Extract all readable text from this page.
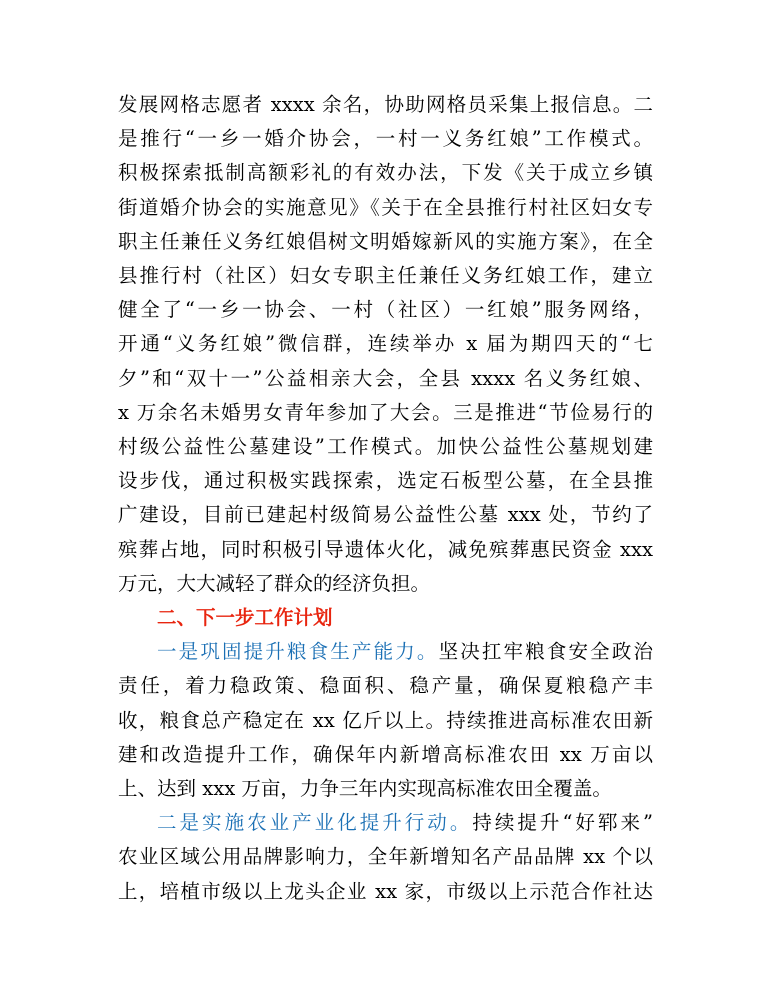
发展网格志愿者 xxxx 余名，协助网格员采集上报信息。二
是推行“一乡一婚介协会，一村一义务红娘”工作模式。
积极探索抵制高额彩礼的有效办法，下发《关于成立乡镇
街道婚介协会的实施意见》《关于在全县推行村社区妇女专
职主任兼任义务红娘倡树文明婚嫁新风的实施方案》，在全
县推行村（社区）妇女专职主任兼任义务红娘工作，建立
健全了“一乡一协会、一村（社区）一红娘”服务网络，
开通“义务红娘”微信群，连续举办 x 届为期四天的“七
夕”和“双十一”公益相亲大会，全县 xxxx 名义务红娘、
x 万余名未婚男女青年参加了大会。三是推进“节俭易行的
村级公益性公墓建设”工作模式。加快公益性公墓规划建
设步伐，通过积极实践探索，选定石板型公墓，在全县推
广建设，目前已建起村级简易公益性公墓 xxx 处，节约了
殡葬占地，同时积极引导遗体火化，减免殡葬惠民资金 xxx
万元，大大减轻了群众的经济负担。

二、下一步工作计划

一是巩固提升粮食生产能力。坚决扛牢粮食安全政治
责任，着力稳政策、稳面积、稳产量，确保夏粮稳产丰
收，粮食总产稳定在 xx 亿斤以上。持续推进高标准农田新
建和改造提升工作，确保年内新增高标准农田 xx 万亩以
上、达到 xxx 万亩，力争三年内实现高标准农田全覆盖。
二是实施农业产业化提升行动。持续提升“好郓来”
农业区域公用品牌影响力，全年新增知名产品品牌 xx 个以
上，培植市级以上龙头企业 xx 家，市级以上示范合作社达
